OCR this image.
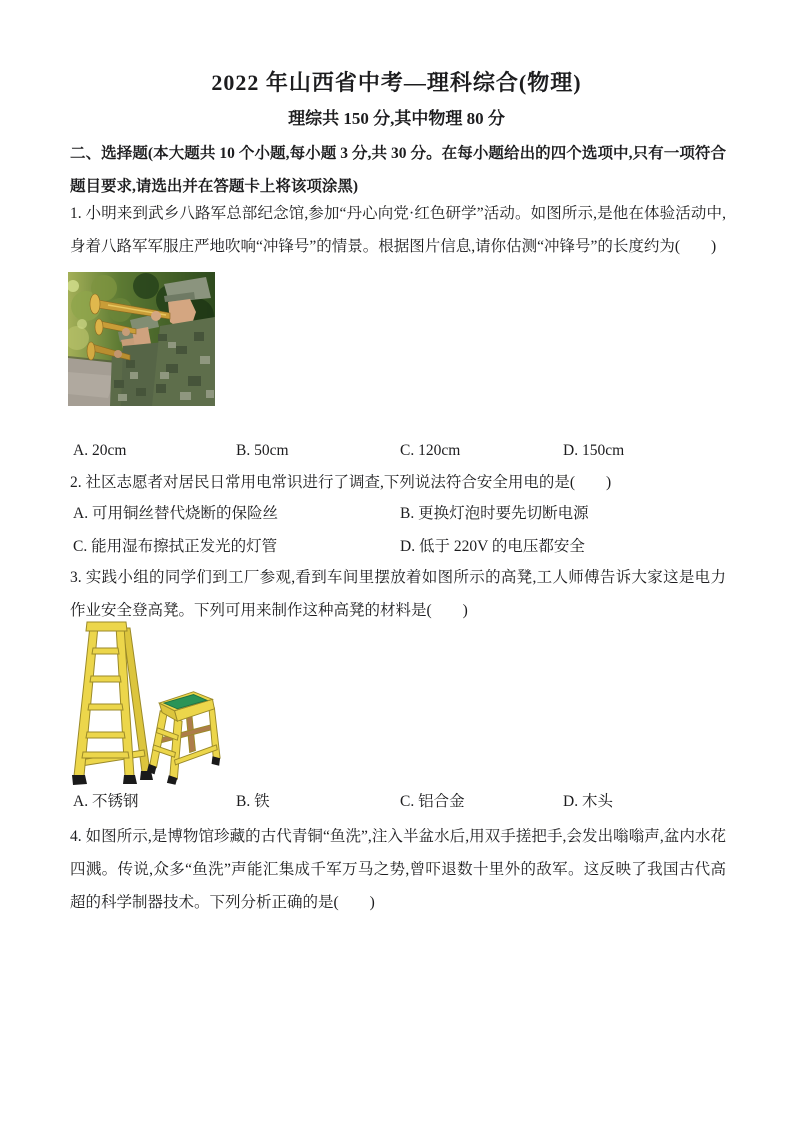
2022 年山西省中考—理科综合(物理)
理综共 150 分,其中物理 80 分
二、选择题(本大题共 10 个小题,每小题 3 分,共 30 分。在每小题给出的四个选项中,只有一项符合题目要求,请选出并在答题卡上将该项涂黑)
1. 小明来到武乡八路军总部纪念馆,参加“丹心向党·红色研学”活动。如图所示,是他在体验活动中,身着八路军军服庄严地吹响“冲锋号”的情景。根据图片信息,请你估测“冲锋号”的长度约为(　　)
A. 20cm	B. 50cm	C. 120cm	D. 150cm
2. 社区志愿者对居民日常用电常识进行了调查,下列说法符合安全用电的是(　　)
A. 可用铜丝替代烧断的保险丝	B. 更换灯泡时要先切断电源
C. 能用湿布擦拭正发光的灯管	D. 低于 220V 的电压都安全
3. 实践小组的同学们到工厂参观,看到车间里摆放着如图所示的高凳,工人师傅告诉大家这是电力作业安全登高凳。下列可用来制作这种高凳的材料是(　　)
A. 不锈钢	B. 铁	C. 铝合金	D. 木头
4. 如图所示,是博物馆珍藏的古代青铜“鱼洗”,注入半盆水后,用双手搓把手,会发出嗡嗡声,盆内水花四溅。传说,众多“鱼洗”声能汇集成千军万马之势,曾吓退数十里外的敌军。这反映了我国古代高超的科学制器技术。下列分析正确的是(　　)
